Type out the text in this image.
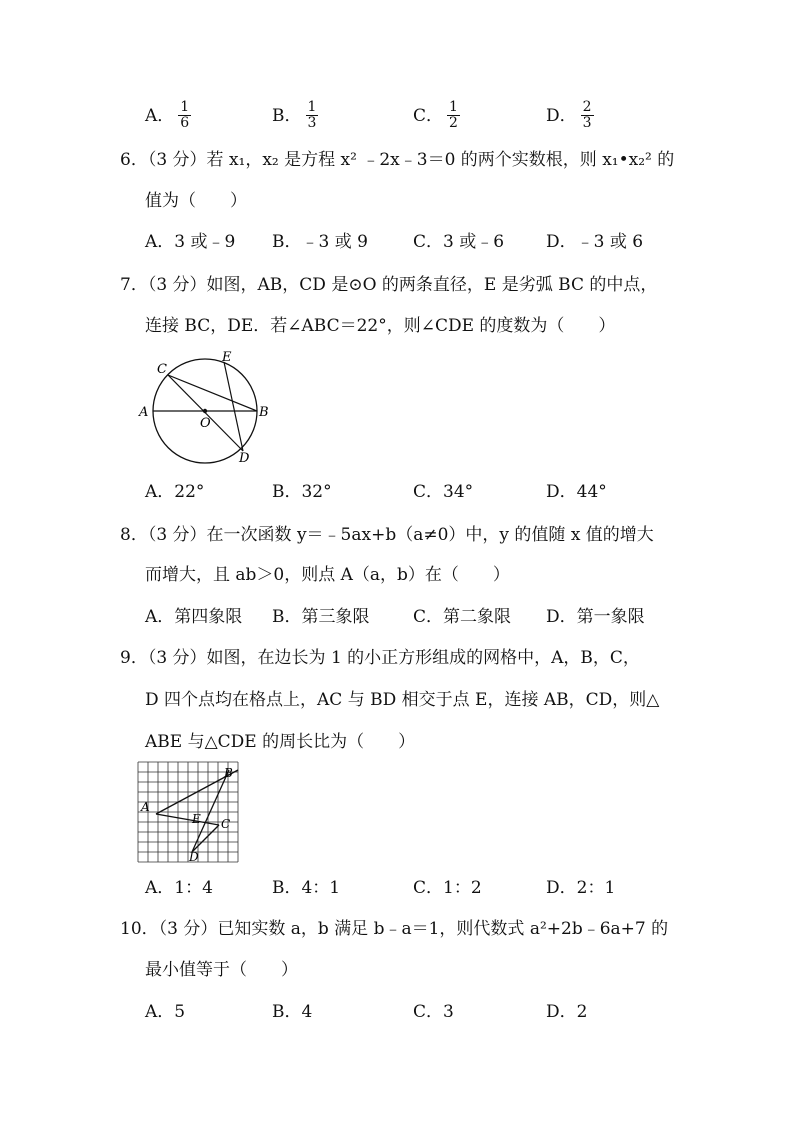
A． $\frac{1}{6}$	B． $\frac{1}{3}$	C． $\frac{1}{2}$	D． $\frac{2}{3}$
6．（3 分）若 x₁，x₂ 是方程 x² ﹣2x﹣3＝0 的两个实数根，则 x₁•x₂² 的
值为（　　）
A．3 或﹣9 B．﹣3 或 9	C．3 或﹣6 D．﹣3 或 6
7．（3 分）如图，AB，CD 是⊙O 的两条直径，E 是劣弧 BC 的中点，
连接 BC，DE．若∠ABC＝22°，则∠CDE 的度数为（　　）
C
E
A
O
B
D
A．22°	B．32°	C．34°	D．44°
8．（3 分）在一次函数 y＝﹣5ax+b（a≠0）中，y 的值随 x 值的增大
而增大，且 ab＞0，则点 A（a，b）在（　　）
A．第四象限 B．第三象限	C．第二象限 D．第一象限
9．（3 分）如图，在边长为 1 的小正方形组成的网格中，A，B，C，
D 四个点均在格点上，AC 与 BD 相交于点 E，连接 AB，CD，则△
ABE 与△CDE 的周长比为（　　）
A
B
C
D
E
A．1：4	B．4：1	C．1：2	D．2：1
10．（3 分）已知实数 a，b 满足 b﹣a＝1，则代数式 a²+2b﹣6a+7 的
最小值等于（　　）
A．5	B．4	C．3	D．2
